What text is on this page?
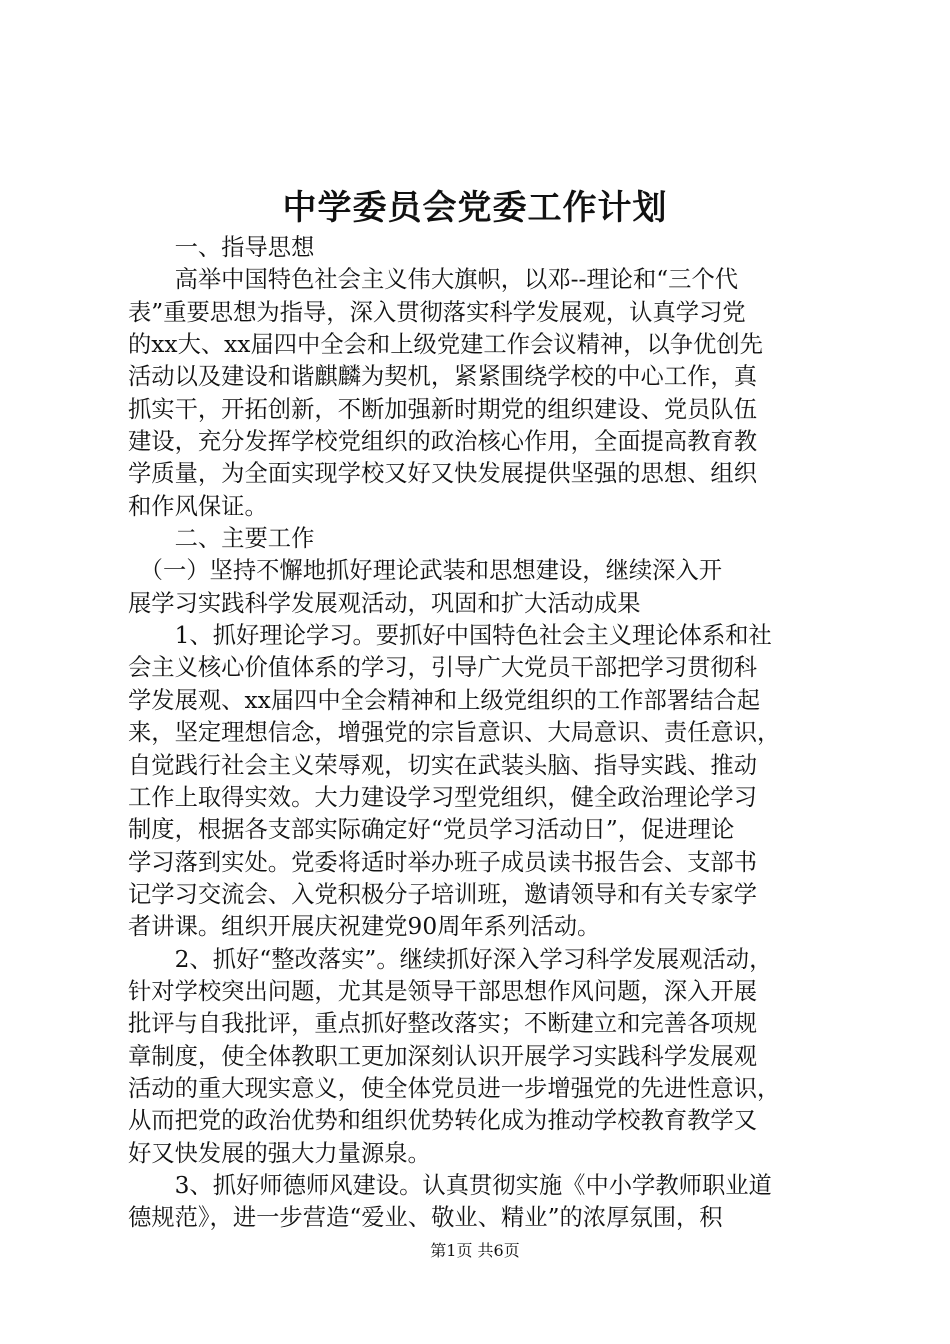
中学委员会党委工作计划
　　一、指导思想
　　高举中国特色社会主义伟大旗帜，以邓--理论和“三个代
表”重要思想为指导，深入贯彻落实科学发展观，认真学习党
的xx大、xx届四中全会和上级党建工作会议精神，以争优创先
活动以及建设和谐麒麟为契机，紧紧围绕学校的中心工作，真
抓实干，开拓创新，不断加强新时期党的组织建设、党员队伍
建设，充分发挥学校党组织的政治核心作用，全面提高教育教
学质量，为全面实现学校又好又快发展提供坚强的思想、组织
和作风保证。
　　二、主要工作
　（一）坚持不懈地抓好理论武装和思想建设，继续深入开
展学习实践科学发展观活动，巩固和扩大活动成果
　　1、抓好理论学习。要抓好中国特色社会主义理论体系和社
会主义核心价值体系的学习，引导广大党员干部把学习贯彻科
学发展观、xx届四中全会精神和上级党组织的工作部署结合起
来，坚定理想信念，增强党的宗旨意识、大局意识、责任意识，
自觉践行社会主义荣辱观，切实在武装头脑、指导实践、推动
工作上取得实效。大力建设学习型党组织，健全政治理论学习
制度，根据各支部实际确定好“党员学习活动日”，促进理论
学习落到实处。党委将适时举办班子成员读书报告会、支部书
记学习交流会、入党积极分子培训班，邀请领导和有关专家学
者讲课。组织开展庆祝建党90周年系列活动。
　　2、抓好“整改落实”。继续抓好深入学习科学发展观活动，
针对学校突出问题，尤其是领导干部思想作风问题，深入开展
批评与自我批评，重点抓好整改落实；不断建立和完善各项规
章制度，使全体教职工更加深刻认识开展学习实践科学发展观
活动的重大现实意义，使全体党员进一步增强党的先进性意识，
从而把党的政治优势和组织优势转化成为推动学校教育教学又
好又快发展的强大力量源泉。
　　3、抓好师德师风建设。认真贯彻实施《中小学教师职业道
德规范》，进一步营造“爱业、敬业、精业”的浓厚氛围，积
第1页 共6页
